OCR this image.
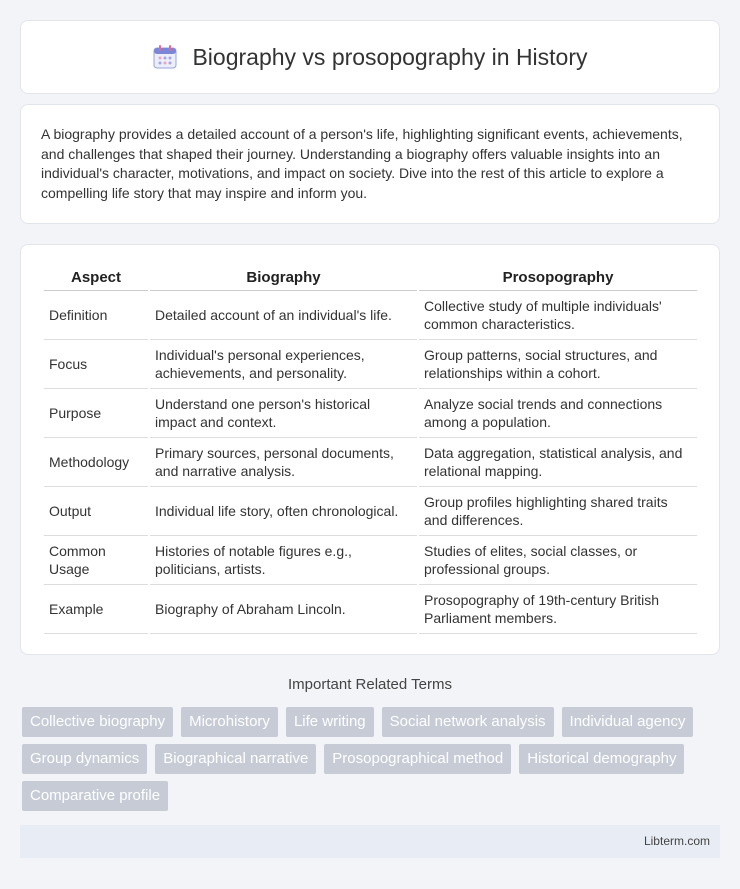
Biography vs prosopography in History

A biography provides a detailed account of a person's life, highlighting significant events, achievements, and challenges that shaped their journey. Understanding a biography offers valuable insights into an individual's character, motivations, and impact on society. Dive into the rest of this article to explore a compelling life story that may inspire and inform you.

Aspect	Biography	Prosopography
Definition	Detailed account of an individual's life.	Collective study of multiple individuals' common characteristics.
Focus	Individual's personal experiences, achievements, and personality.	Group patterns, social structures, and relationships within a cohort.
Purpose	Understand one person's historical impact and context.	Analyze social trends and connections among a population.
Methodology	Primary sources, personal documents, and narrative analysis.	Data aggregation, statistical analysis, and relational mapping.
Output	Individual life story, often chronological.	Group profiles highlighting shared traits and differences.
Common Usage	Histories of notable figures e.g., politicians, artists.	Studies of elites, social classes, or professional groups.
Example	Biography of Abraham Lincoln.	Prosopography of 19th-century British Parliament members.
Important Related Terms
Collective biography	Microhistory	Life writing	Social network analysis	Individual agency
Group dynamics	Biographical narrative	Prosopographical method	Historical demography
Comparative profile
Libterm.com
